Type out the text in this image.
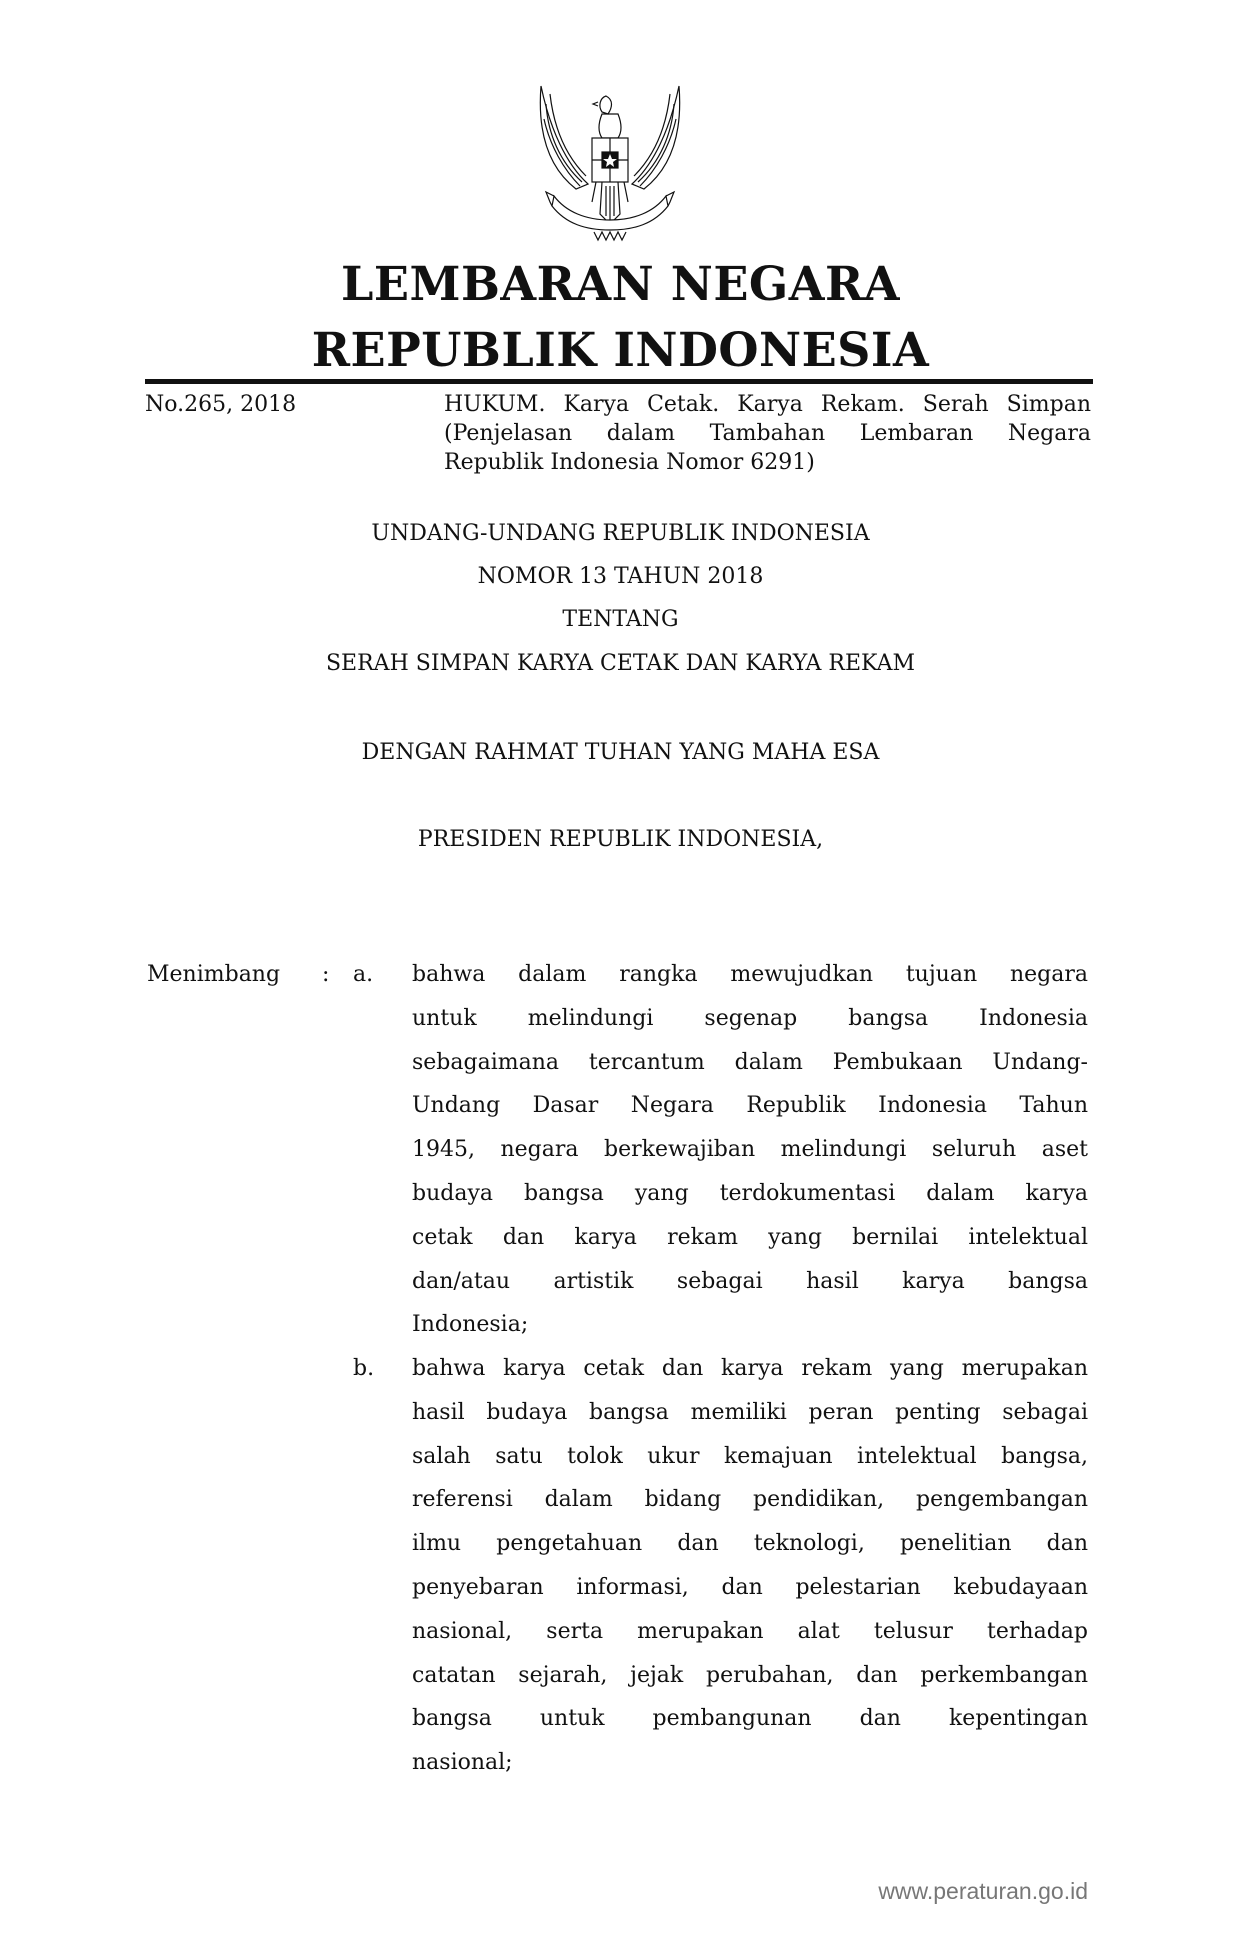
LEMBARAN NEGARA
REPUBLIK INDONESIA
No.265, 2018	HUKUM. Karya Cetak. Karya Rekam. Serah Simpan
(Penjelasan dalam Tambahan Lembaran Negara
Republik Indonesia Nomor 6291)
UNDANG-UNDANG REPUBLIK INDONESIA
NOMOR 13 TAHUN 2018
TENTANG
SERAH SIMPAN KARYA CETAK DAN KARYA REKAM
DENGAN RAHMAT TUHAN YANG MAHA ESA
PRESIDEN REPUBLIK INDONESIA,
Menimbang : a. bahwa dalam rangka mewujudkan tujuan negara
untuk melindungi segenap bangsa Indonesia
sebagaimana tercantum dalam Pembukaan Undang-
Undang Dasar Negara Republik Indonesia Tahun
1945, negara berkewajiban melindungi seluruh aset
budaya bangsa yang terdokumentasi dalam karya
cetak dan karya rekam yang bernilai intelektual
dan/atau artistik sebagai hasil karya bangsa
Indonesia;
b. bahwa karya cetak dan karya rekam yang merupakan
hasil budaya bangsa memiliki peran penting sebagai
salah satu tolok ukur kemajuan intelektual bangsa,
referensi dalam bidang pendidikan, pengembangan
ilmu pengetahuan dan teknologi, penelitian dan
penyebaran informasi, dan pelestarian kebudayaan
nasional, serta merupakan alat telusur terhadap
catatan sejarah, jejak perubahan, dan perkembangan
bangsa untuk pembangunan dan kepentingan
nasional;
www.peraturan.go.id
